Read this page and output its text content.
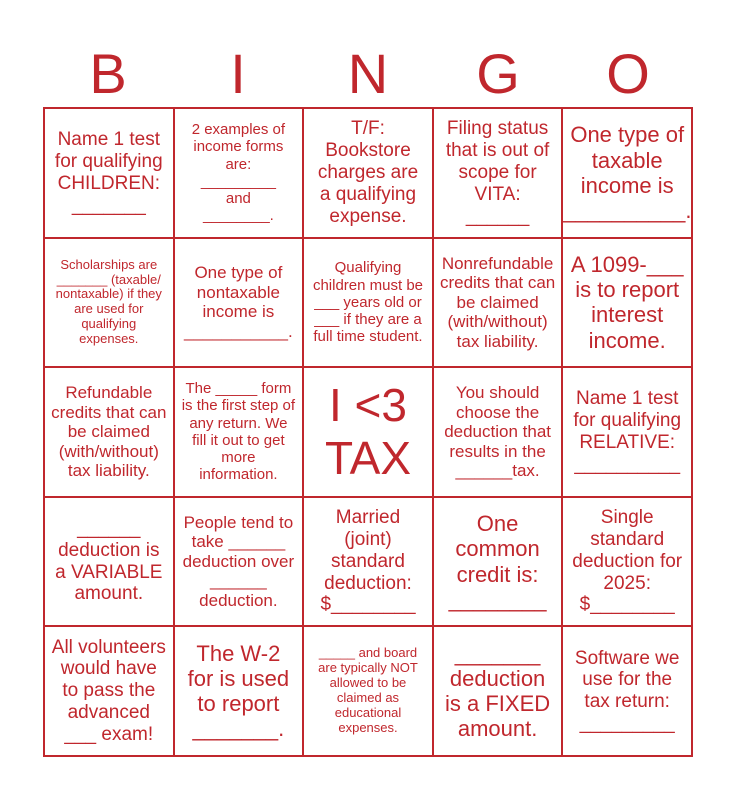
B	I	N	G	O
Name 1 test for qualifying CHILDREN:
_______
2 examples of income forms are:
_________
and
________.
T/F:
Bookstore charges are a qualifying expense.
Filing status that is out of scope for VITA:
______
One type of taxable income is __________.
Scholarships are _______ (taxable/ nontaxable) if they are used for qualifying expenses.
One type of nontaxable income is ___________.
Qualifying children must be ___ years old or ___ if they are a full time student.
Nonrefundable credits that can be claimed (with/without) tax liability.
A 1099-___ is to report interest income.
Refundable credits that can be claimed (with/without) tax liability.
The _____ form is the first step of any return. We fill it out to get more information.
I <3
TAX
You should choose the deduction that results in the ______tax.
Name 1 test for qualifying RELATIVE:
__________
______
deduction is a VARIABLE amount.
People tend to take ______ deduction over ______ deduction.
Married (joint) standard deduction:
$________
One common credit is:
________
Single standard deduction for 2025:
$________
All volunteers would have to pass the advanced ___ exam!
The W-2 for is used to report _______.
_____ and board are typically NOT allowed to be claimed as educational expenses.
_______ deduction is a FIXED amount.
Software we use for the tax return:
_________
